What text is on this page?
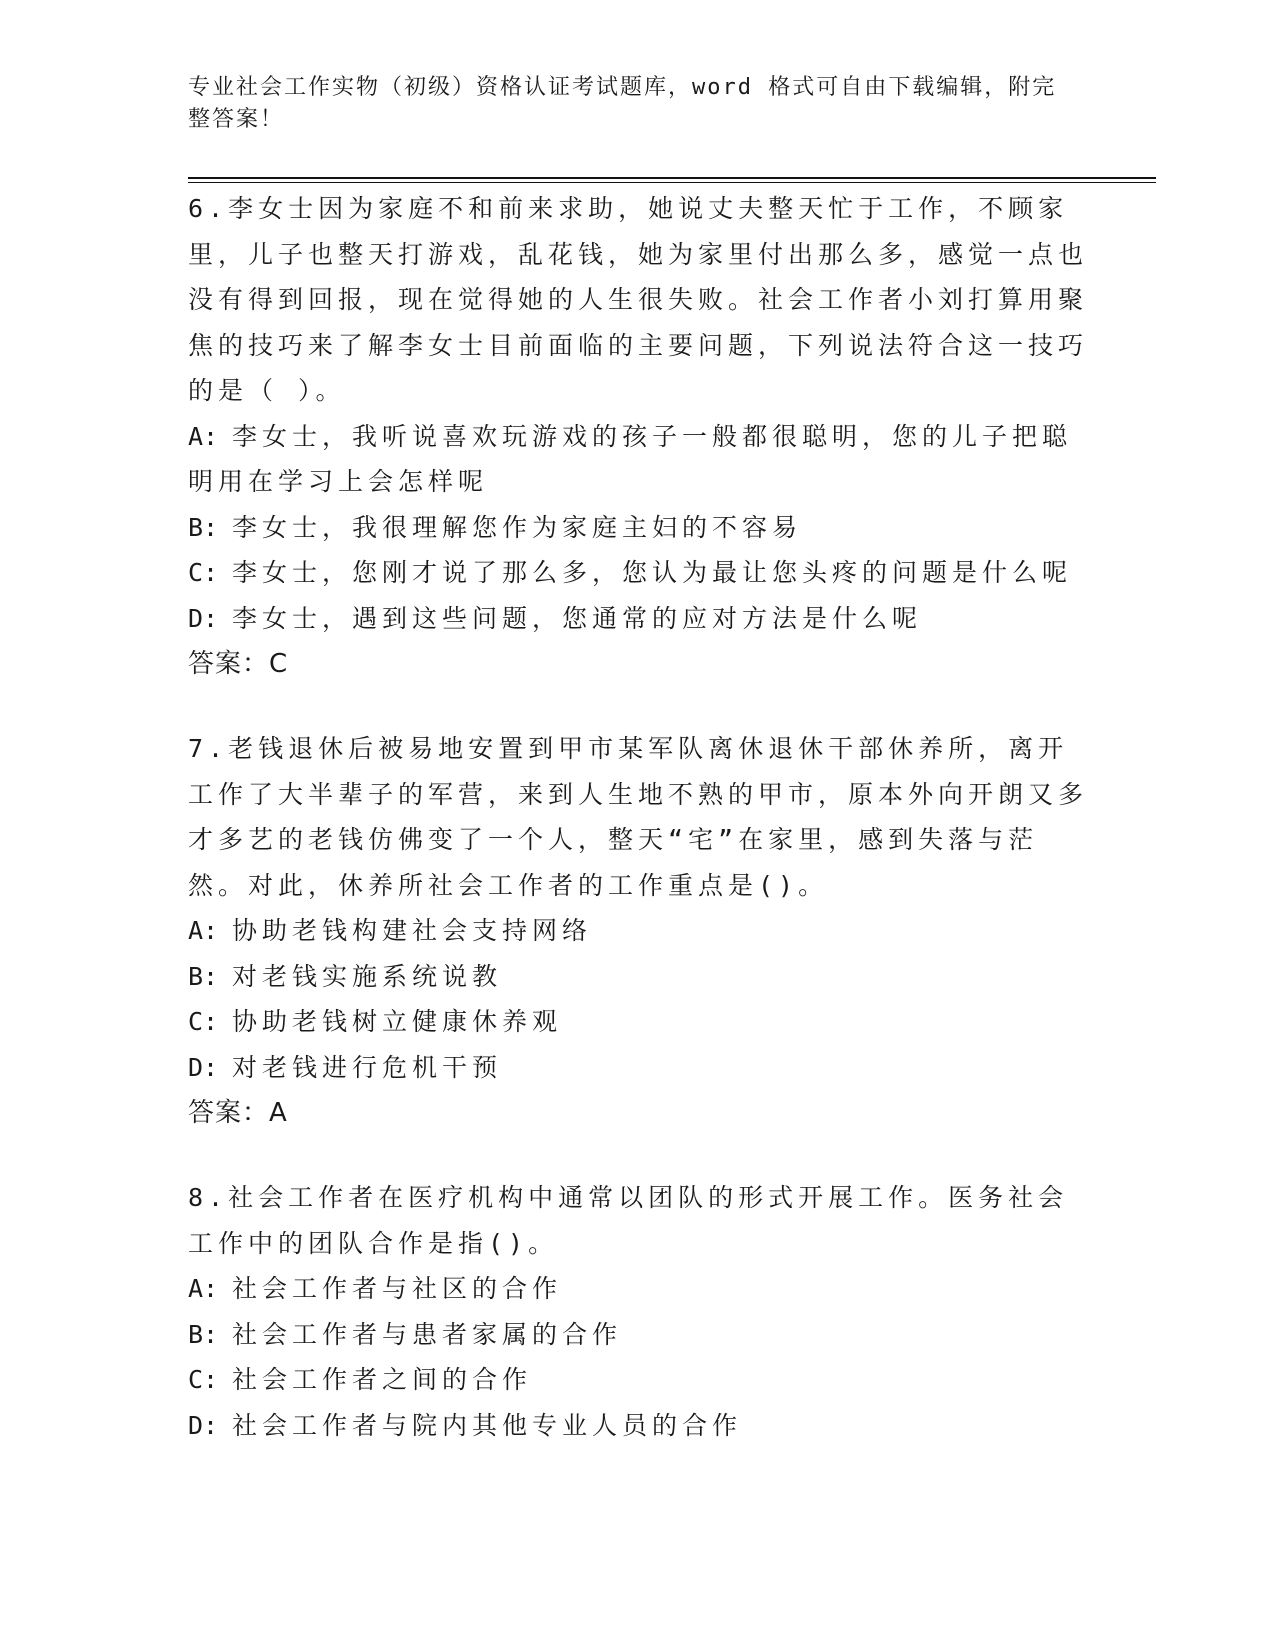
专业社会工作实物（初级）资格认证考试题库，word 格式可自由下载编辑，附完整答案！

6.李女士因为家庭不和前来求助，她说丈夫整天忙于工作，不顾家里，儿子也整天打游戏，乱花钱，她为家里付出那么多，感觉一点也没有得到回报，现在觉得她的人生很失败。社会工作者小刘打算用聚焦的技巧来了解李女士目前面临的主要问题，下列说法符合这一技巧的是（ ）。

A: 李女士，我听说喜欢玩游戏的孩子一般都很聪明，您的儿子把聪明用在学习上会怎样呢
B: 李女士，我很理解您作为家庭主妇的不容易
C: 李女士，您刚才说了那么多，您认为最让您头疼的问题是什么呢
D: 李女士，遇到这些问题，您通常的应对方法是什么呢
答案：C

7.老钱退休后被易地安置到甲市某军队离休退休干部休养所，离开工作了大半辈子的军营，来到人生地不熟的甲市，原本外向开朗又多才多艺的老钱仿佛变了一个人，整天“宅”在家里，感到失落与茫然。对此，休养所社会工作者的工作重点是()。

A: 协助老钱构建社会支持网络
B: 对老钱实施系统说教
C: 协助老钱树立健康休养观
D: 对老钱进行危机干预
答案：A

8.社会工作者在医疗机构中通常以团队的形式开展工作。医务社会工作中的团队合作是指()。

A: 社会工作者与社区的合作
B: 社会工作者与患者家属的合作
C: 社会工作者之间的合作
D: 社会工作者与院内其他专业人员的合作
